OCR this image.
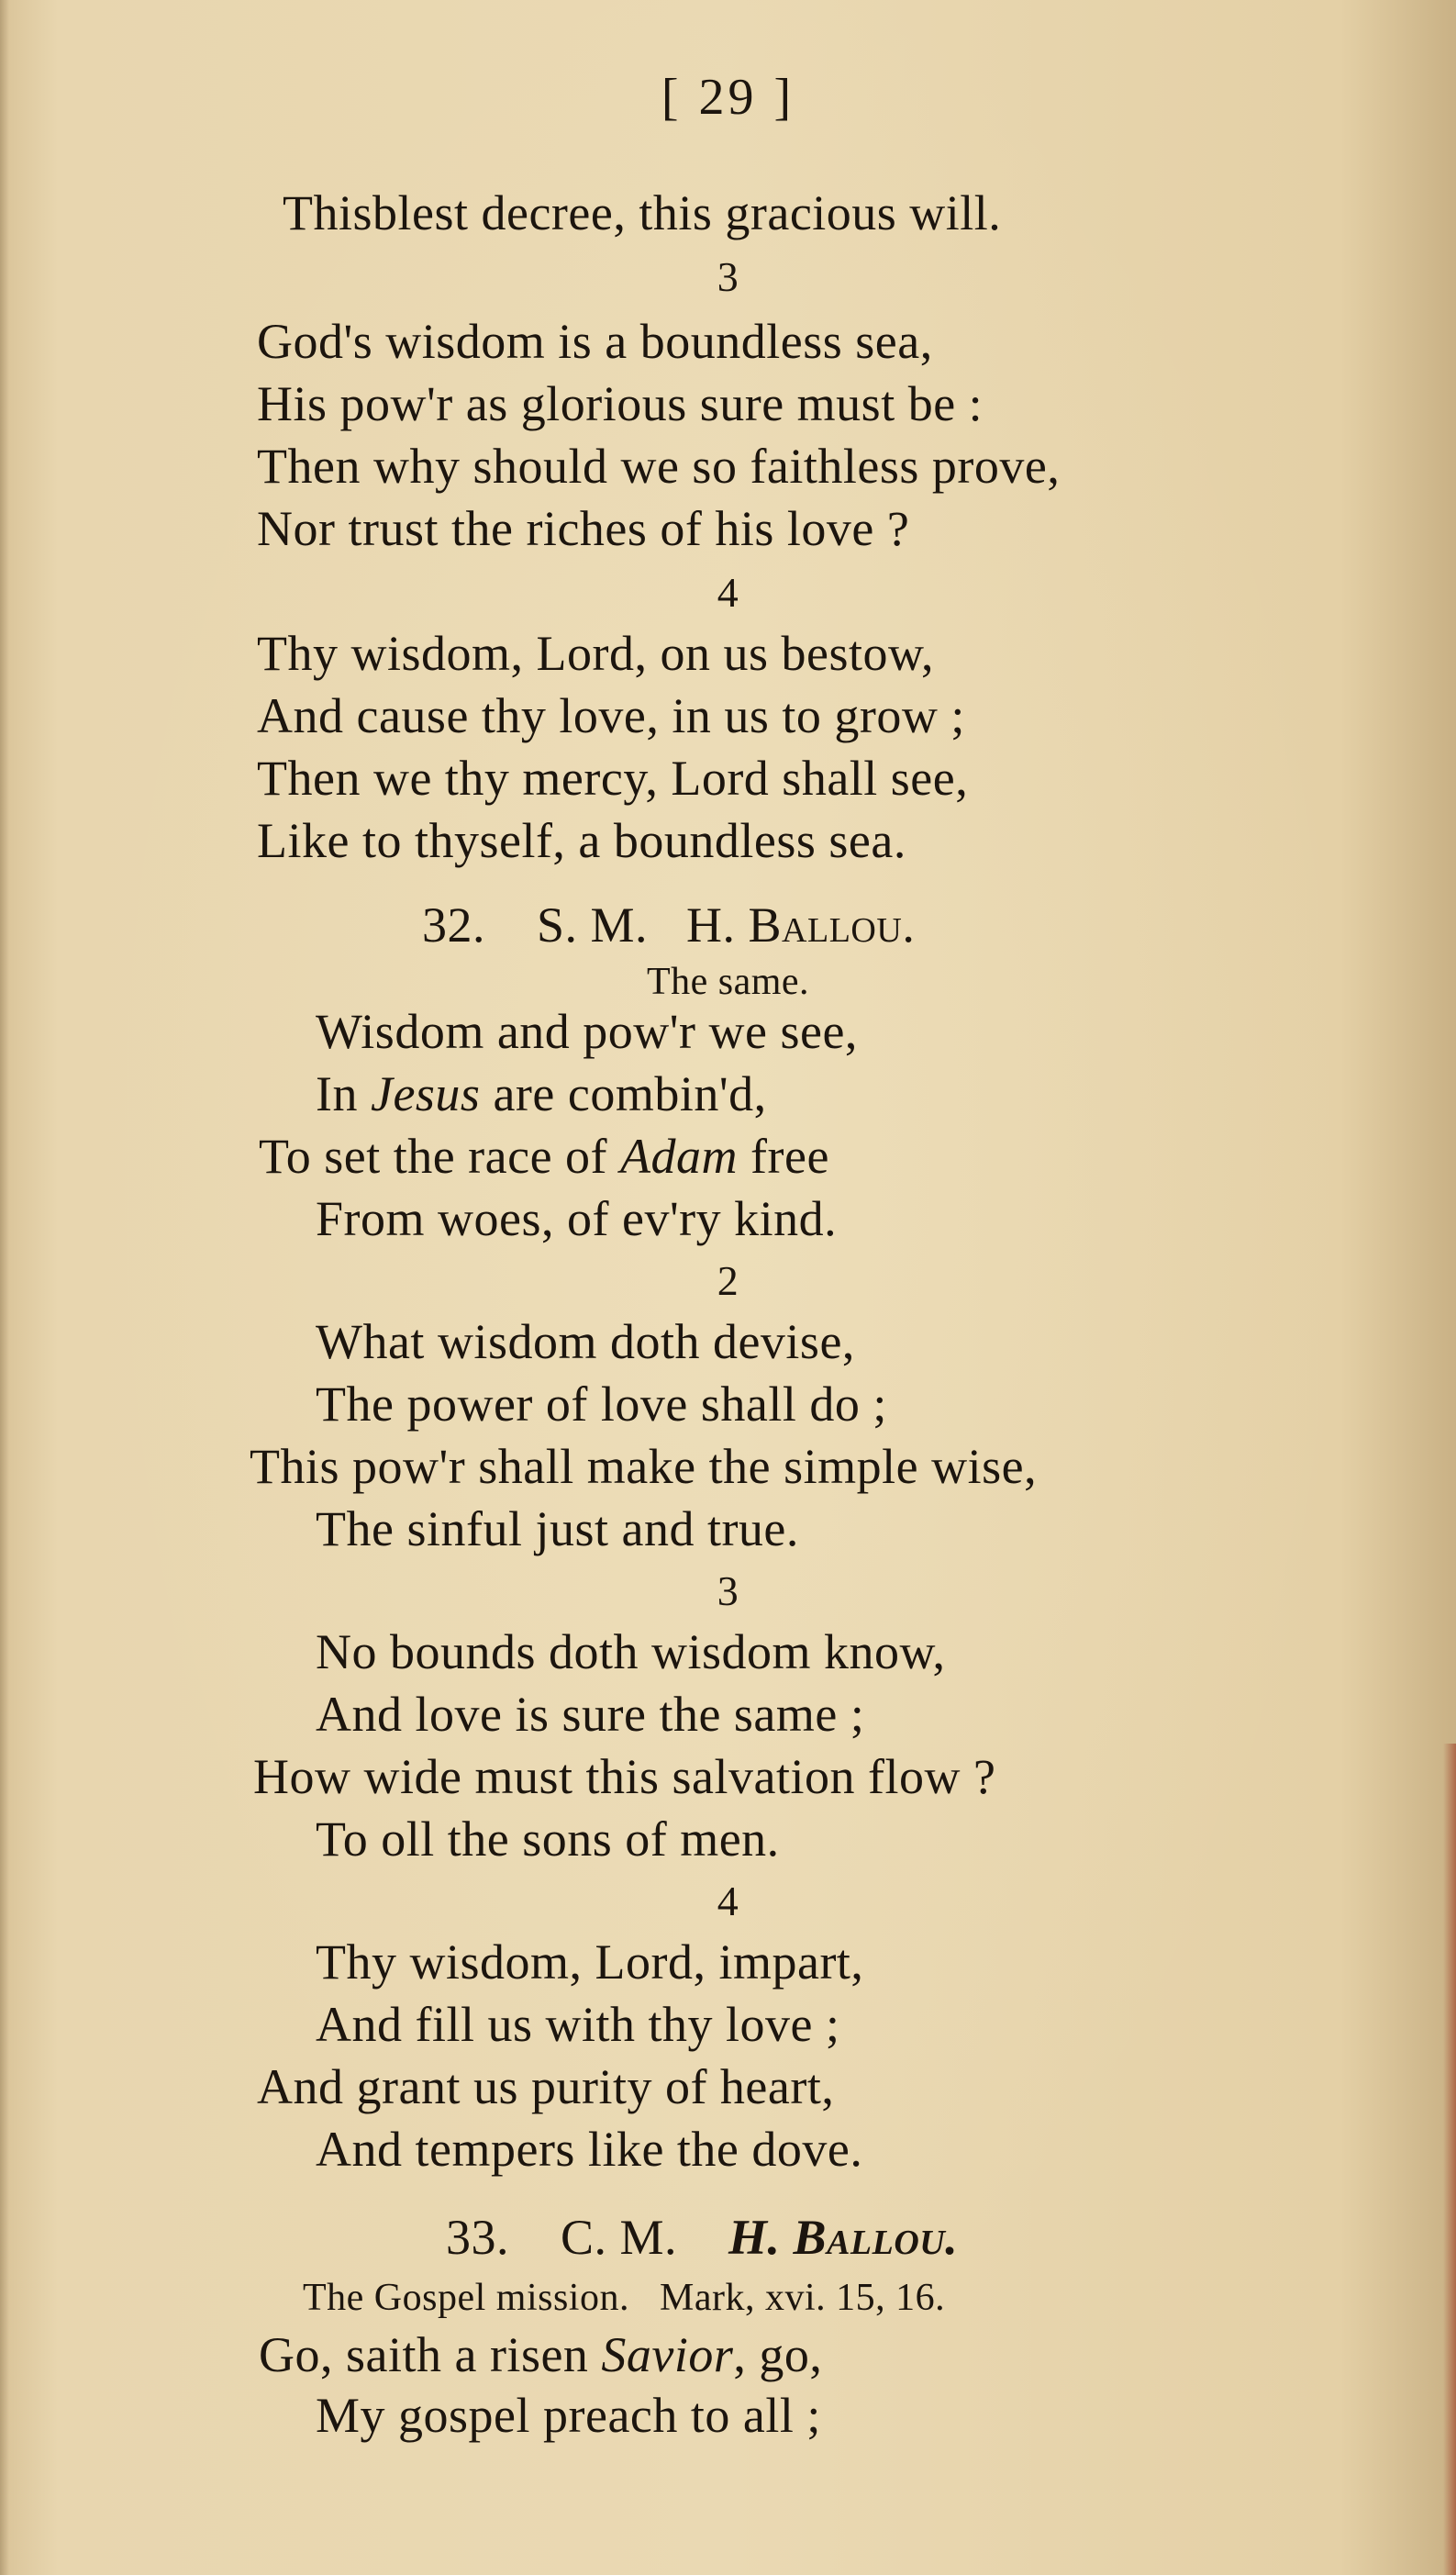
[ 29 ]
Thisblest decree, this gracious will.
3
God's wisdom is a boundless sea,
His pow'r as glorious sure must be :
Then why should we so faithless prove,
Nor trust the riches of his love ?
4
Thy wisdom, Lord, on us bestow,
And cause thy love, in us to grow ;
Then we thy mercy, Lord shall see,
Like to thyself, a boundless sea.
32. S. M. H. Ballou.
The same.
Wisdom and pow'r we see,
In Jesus are combin'd,
To set the race of Adam free
From woes, of ev'ry kind.
2
What wisdom doth devise,
The power of love shall do ;
This pow'r shall make the simple wise,
The sinful just and true.
3
No bounds doth wisdom know,
And love is sure the same ;
How wide must this salvation flow ?
To oll the sons of men.
4
Thy wisdom, Lord, impart,
And fill us with thy love ;
And grant us purity of heart,
And tempers like the dove.
33. C. M. H. Ballou.
The Gospel mission. Mark, xvi. 15, 16.
Go, saith a risen Savior, go,
My gospel preach to all ;
